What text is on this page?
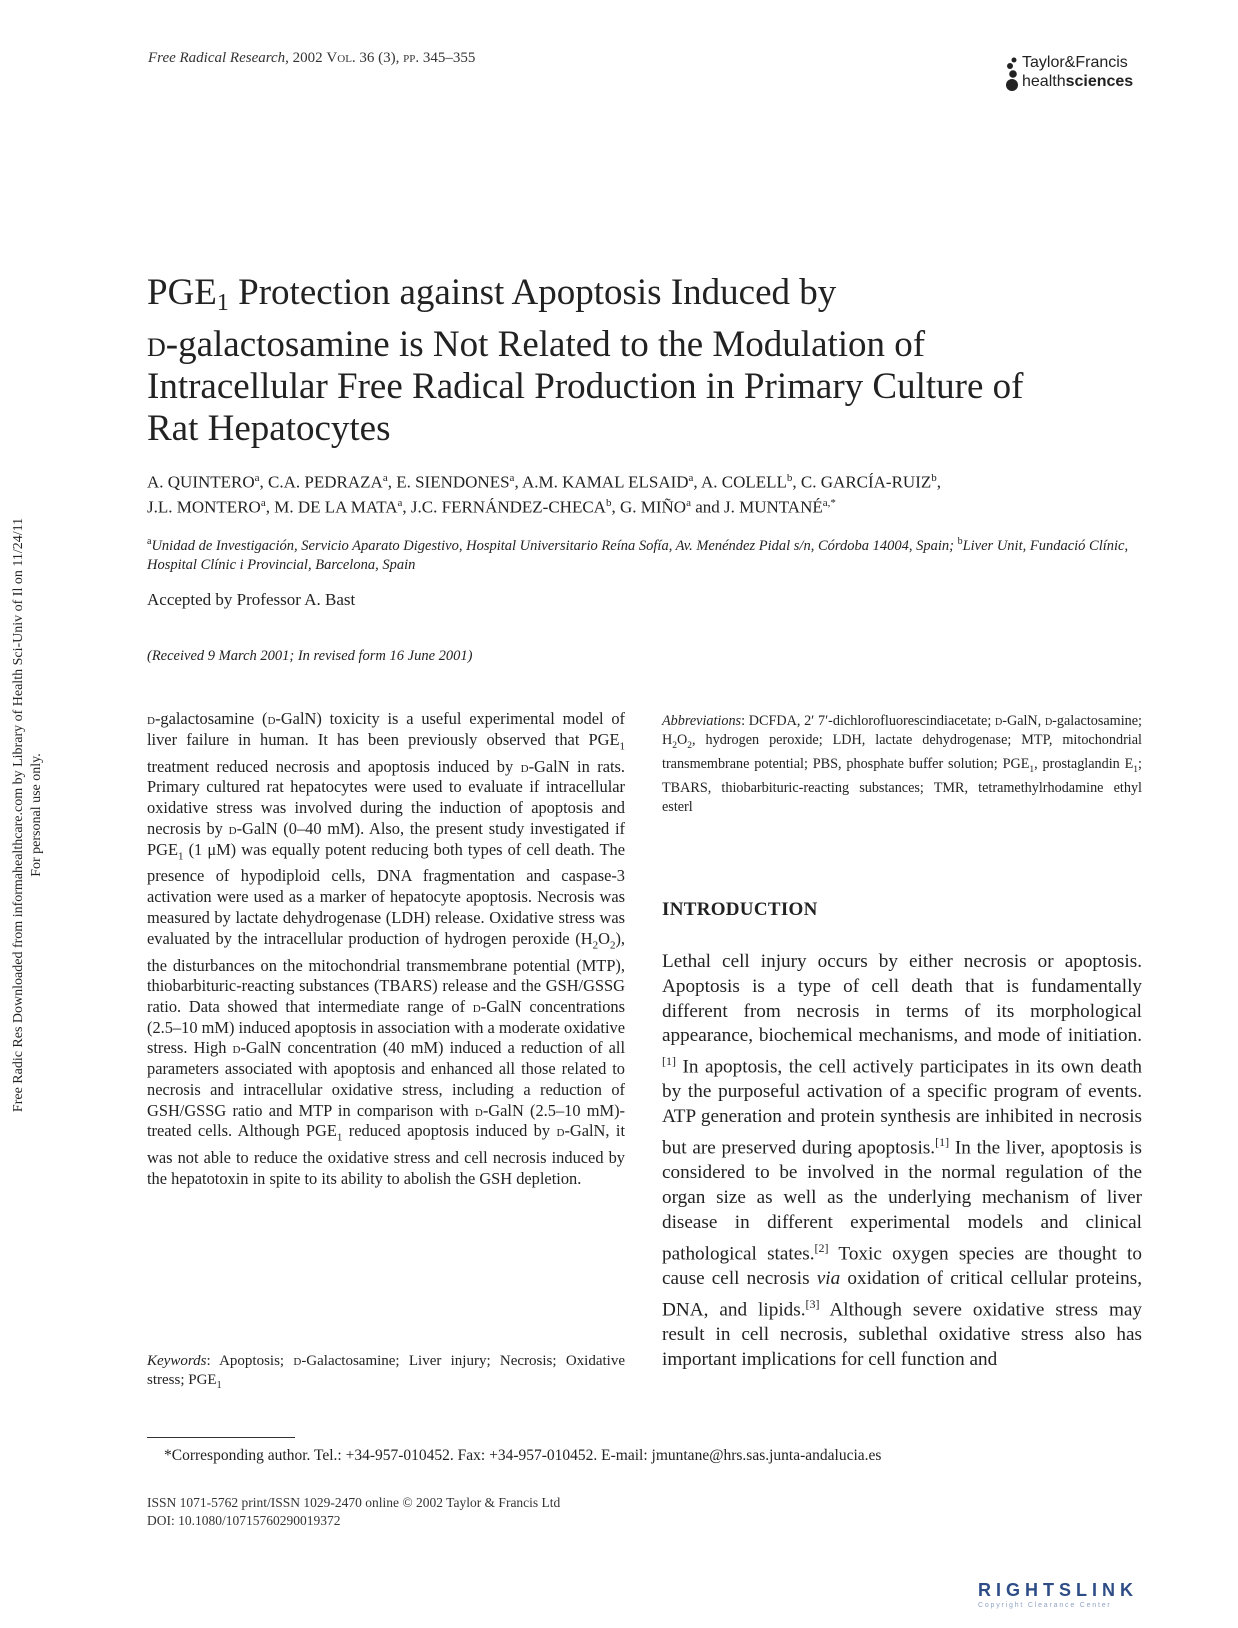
Free Radical Research, 2002 Vol. 36 (3), pp. 345–355	Taylor&Francis
healthsciences
Free Radic Res Downloaded from informahealthcare.com by Library of Health Sci-Univ of Il on 11/24/11 For personal use only.
$PGE_1$ Protection against Apoptosis Induced by
d-galactosamine is Not Related to the Modulation of
Intracellular Free Radical Production in Primary Culture of
Rat Hepatocytes
A. QUINTERO$^a$, C.A. PEDRAZA$^a$, E. SIENDONES$^a$, A.M. KAMAL ELSAID$^a$, A. COLELL$^b$, C. GARCÍA-RUIZ$^b$,
J.L. MONTERO$^a$, M. DE LA MATA$^a$, J.C. FERNÁNDEZ-CHECA$^b$, G. MIÑO$^a$ and J. $MUNTANÉ^{a,*}$
$^a$Unidad de Investigación, Servicio Aparato Digestivo, Hospital Universitario Reína Sofía, Av. Menéndez Pidal s/n, Córdoba 14004, Spain; $^b$Liver Unit, Fundació Clínic, Hospital Clínic i Provincial, Barcelona, Spain
Accepted by Professor A. Bast
(Received 9 March 2001; In revised form 16 June 2001)
d-galactosamine (d-GalN) toxicity is a useful experimental model of liver failure in human. It has been previously observed that $PGE_1$ treatment reduced necrosis and apoptosis induced by d-GalN in rats. Primary cultured rat hepatocytes were used to evaluate if intracellular oxidative stress was involved during the induction of apoptosis and necrosis by d-GalN (0–40 mM). Also, the present study investigated if $PGE_1$ (1 μM) was equally potent reducing both types of cell death. The presence of hypodiploid cells, DNA fragmentation and caspase-3 activation were used as a marker of hepatocyte apoptosis. Necrosis was measured by lactate dehydrogenase (LDH) release. Oxidative stress was evaluated by the intracellular production of hydrogen peroxide $(H_2O_2)$, the disturbances on the mitochondrial transmembrane potential (MTP), thiobarbituric-reacting substances (TBARS) release and the GSH/GSSG ratio. Data showed that intermediate range of d-GalN concentrations (2.5–10 mM) induced apoptosis in association with a moderate oxidative stress. High d-GalN concentration (40 mM) induced a reduction of all parameters associated with apoptosis and enhanced all those related to necrosis and intracellular oxidative stress, including a reduction of GSH/GSSG ratio and MTP in comparison with d-GalN (2.5–10 mM)-treated cells. Although $PGE_1$ reduced apoptosis induced by d-GalN, it was not able to reduce the oxidative stress and cell necrosis induced by the hepatotoxin in spite to its ability to abolish the GSH depletion.
Keywords: Apoptosis; d-Galactosamine; Liver injury; Necrosis; Oxidative stress; $PGE_1$
Abbreviations: DCFDA, 2′ 7′-dichlorofluorescindiacetate; d-GalN, d-galactosamine; $H_2O_2$, hydrogen peroxide; LDH, lactate dehydrogenase; MTP, mitochondrial transmembrane potential; PBS, phosphate buffer solution; $PGE_1$, prostaglandin $E_1$; TBARS, thiobarbituric-reacting substances; TMR, tetramethylrhodamine ethyl esterl
INTRODUCTION
Lethal cell injury occurs by either necrosis or apoptosis. Apoptosis is a type of cell death that is fundamentally different from necrosis in terms of its morphological appearance, biochemical mechanisms, and mode of initiation.[1] In apoptosis, the cell actively participates in its own death by the purposeful activation of a specific program of events. ATP generation and protein synthesis are inhibited in necrosis but are preserved during apoptosis.[1] In the liver, apoptosis is considered to be involved in the normal regulation of the organ size as well as the underlying mechanism of liver disease in different experimental models and clinical pathological states.[2] Toxic oxygen species are thought to cause cell necrosis via oxidation of critical cellular proteins, DNA, and lipids.[3] Although severe oxidative stress may result in cell necrosis, sublethal oxidative stress also has important implications for cell function and
*Corresponding author. Tel.: +34-957-010452. Fax: +34-957-010452. E-mail: jmuntane@hrs.sas.junta-andalucia.es
ISSN 1071-5762 print/ISSN 1029-2470 online © 2002 Taylor & Francis Ltd
DOI: 10.1080/10715760290019372
RIGHTSLINK
Copyright Clearance Center
